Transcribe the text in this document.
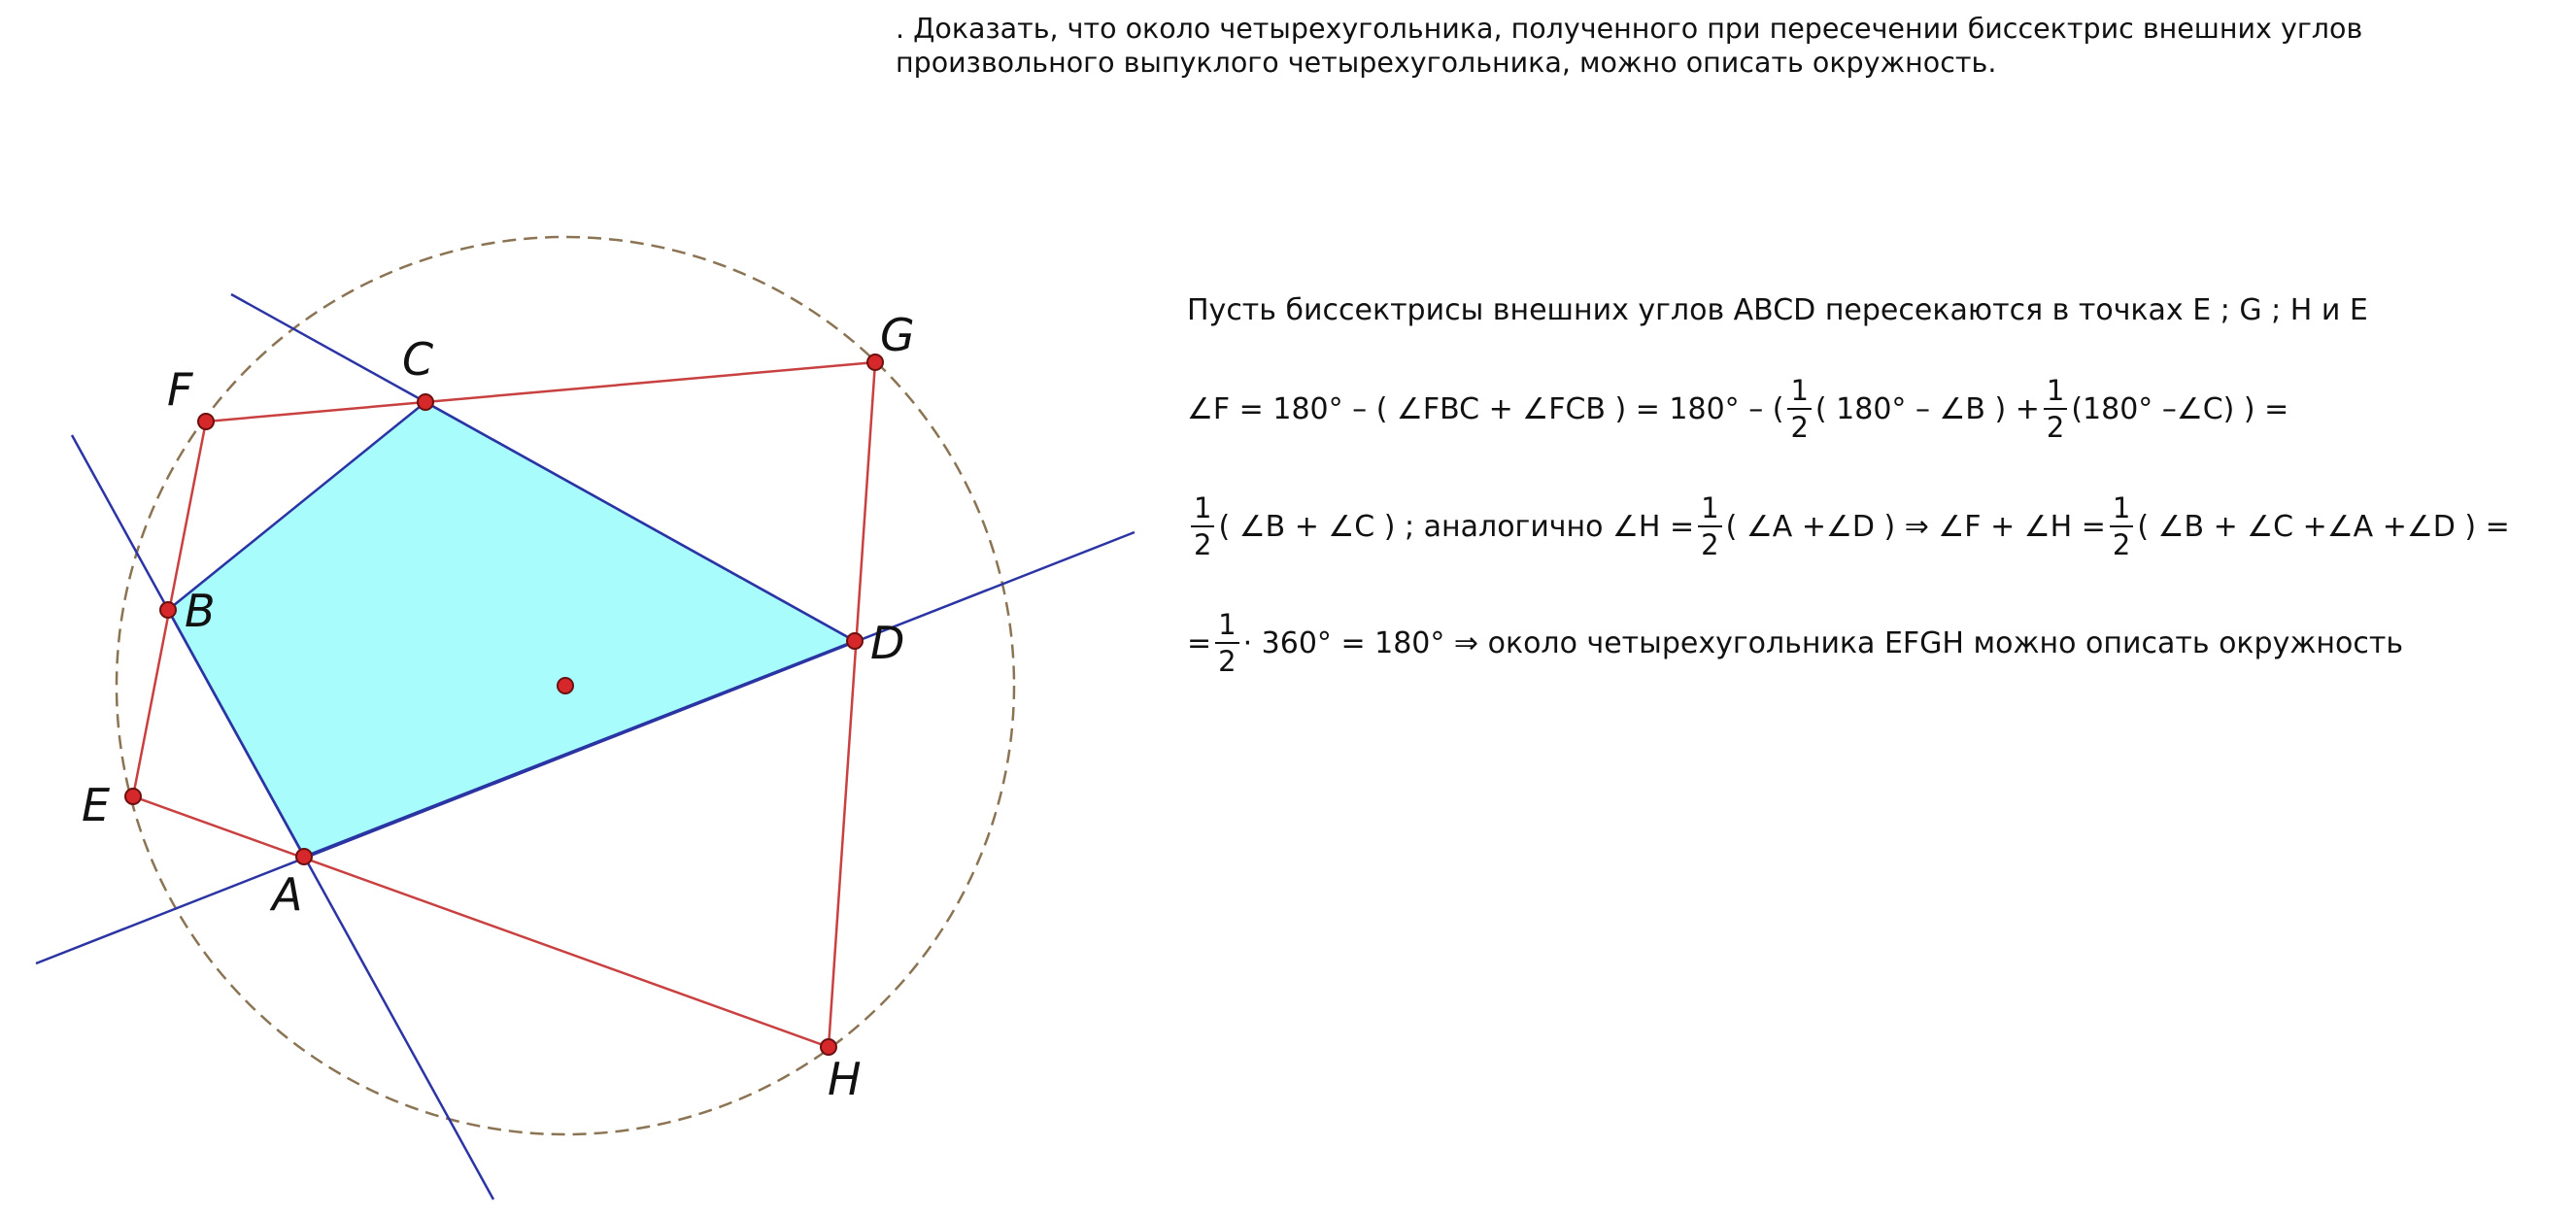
F
C	G
B
D
E
A
H
. Доказать, что около четырехугольника, полученного при пересечении биссектрис внешних углов
произвольного выпуклого четырехугольника, можно описать окружность.
Пусть биссектрисы внешних углов ABCD пересекаются в точках E ; G ; H и E
∠F = 180° – ( ∠FBC + ∠FCB ) = 180° – ( $\frac{1}{2}$ ( 180° – ∠B ) + $\frac{1}{2} (180^\circ$ –∠C) ) =
$\frac{1}{2}$ ( ∠B + ∠C ) ; аналогично ∠H = $\frac{1}{2}$ ( ∠A +∠D ) ⇒ ∠F + ∠H = $\frac{1}{2}$ ( ∠B + ∠C +∠A +∠D ) =
= $\frac{1}{2} \cdot 360^\circ = 180^\circ$ ⇒ около четырехугольника EFGH можно описать окружность
